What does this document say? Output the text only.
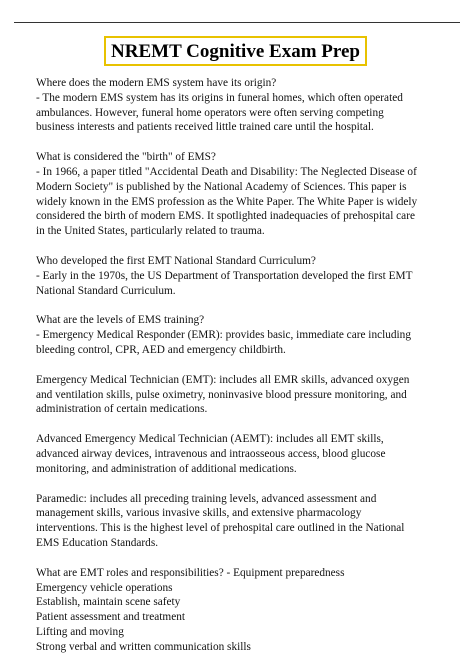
NREMT Cognitive Exam Prep
Where does the modern EMS system have its origin?
- The modern EMS system has its origins in funeral homes, which often operated
ambulances. However, funeral home operators were often serving competing
business interests and patients received little trained care until the hospital.
What is considered the "birth" of EMS?
- In 1966, a paper titled "Accidental Death and Disability: The Neglected Disease of
Modern Society" is published by the National Academy of Sciences. This paper is
widely known in the EMS profession as the White Paper. The White Paper is widely
considered the birth of modern EMS. It spotlighted inadequacies of prehospital care
in the United States, particularly related to trauma.
Who developed the first EMT National Standard Curriculum?
- Early in the 1970s, the US Department of Transportation developed the first EMT
National Standard Curriculum.
What are the levels of EMS training?
- Emergency Medical Responder (EMR): provides basic, immediate care including
bleeding control, CPR, AED and emergency childbirth.
Emergency Medical Technician (EMT): includes all EMR skills, advanced oxygen
and ventilation skills, pulse oximetry, noninvasive blood pressure monitoring, and
administration of certain medications.
Advanced Emergency Medical Technician (AEMT): includes all EMT skills,
advanced airway devices, intravenous and intraosseous access, blood glucose
monitoring, and administration of additional medications.
Paramedic: includes all preceding training levels, advanced assessment and
management skills, various invasive skills, and extensive pharmacology
interventions. This is the highest level of prehospital care outlined in the National
EMS Education Standards.
What are EMT roles and responsibilities? - Equipment preparedness
Emergency vehicle operations
Establish, maintain scene safety
Patient assessment and treatment
Lifting and moving
Strong verbal and written communication skills
